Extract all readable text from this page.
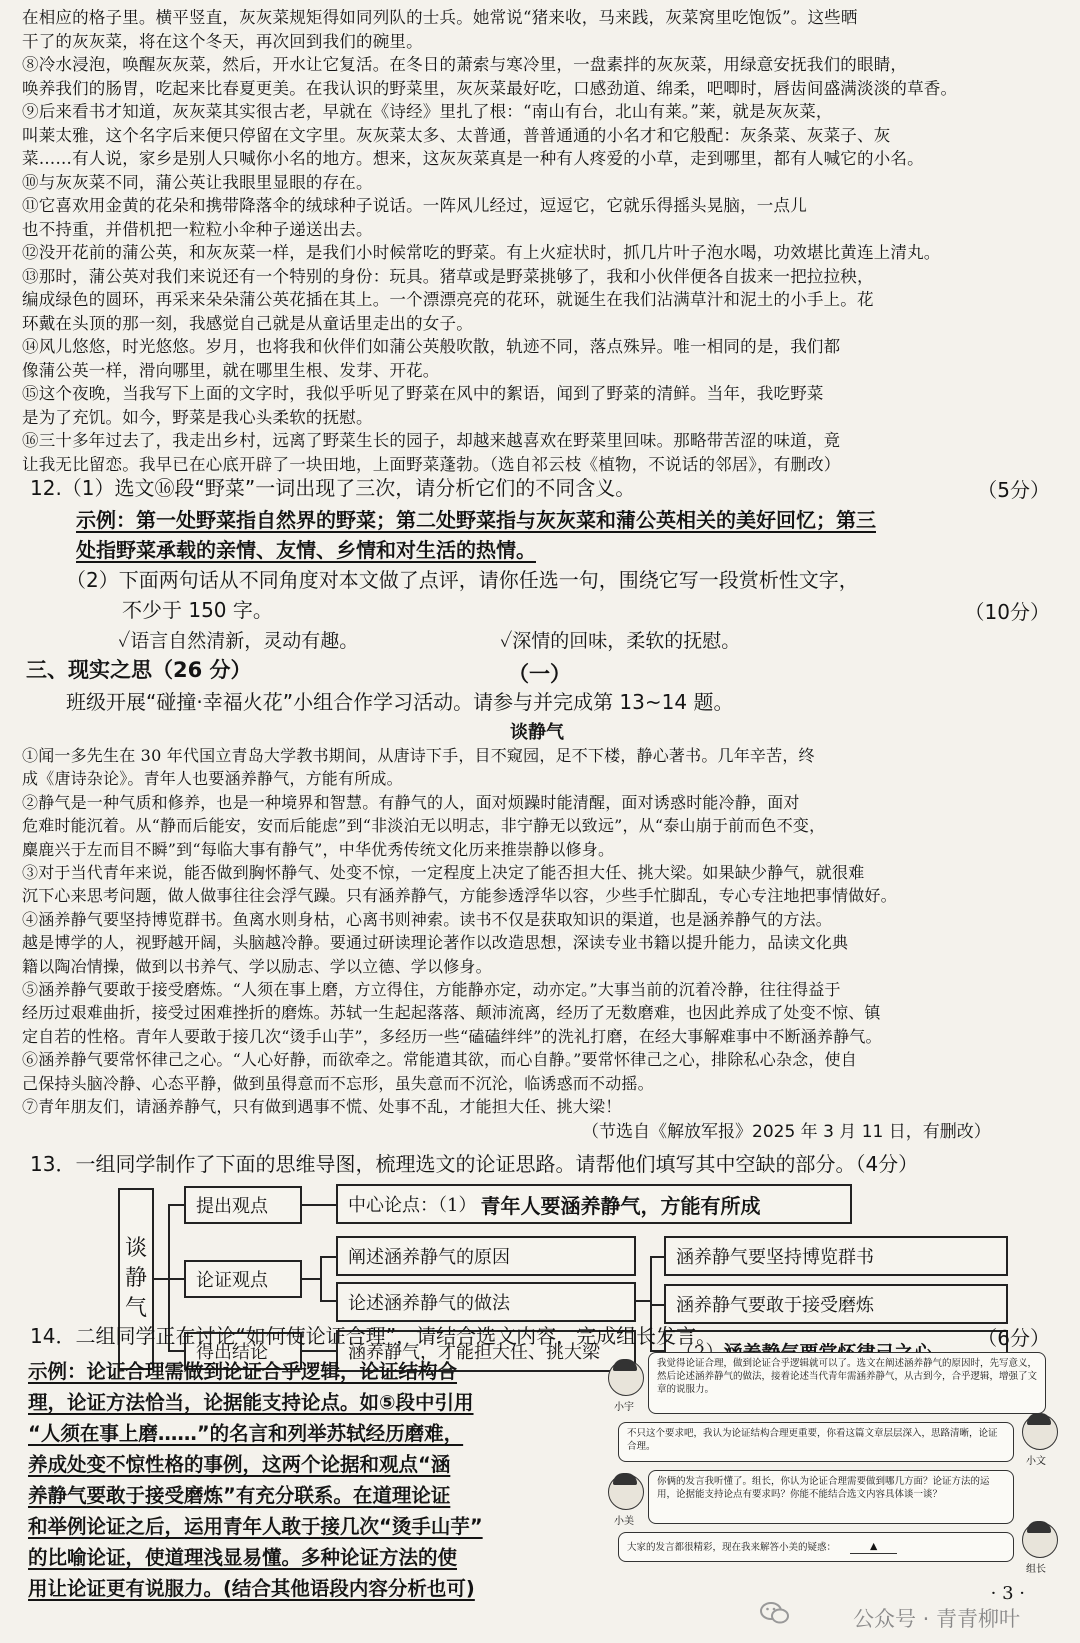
在相应的格子里。横平竖直，灰灰菜规矩得如同列队的士兵。她常说“猪来收，马来践，灰菜窝里吃饱饭”。这些晒
干了的灰灰菜，将在这个冬天，再次回到我们的碗里。
⑧冷水浸泡，唤醒灰灰菜，然后，开水让它复活。在冬日的萧索与寒冷里，一盘素拌的灰灰菜，用绿意安抚我们的眼睛，
唤养我们的肠胃，吃起来比春夏更美。在我认识的野菜里，灰灰菜最好吃，口感劲道、绵柔，吧唧时，唇齿间盛满淡淡的草香。
⑨后来看书才知道，灰灰菜其实很古老，早就在《诗经》里扎了根：“南山有台，北山有莱。”莱，就是灰灰菜，
叫莱太雅，这个名字后来便只停留在文字里。灰灰菜太多、太普通，普普通通的小名才和它般配：灰条菜、灰菜子、灰
菜……有人说，家乡是别人只喊你小名的地方。想来，这灰灰菜真是一种有人疼爱的小草，走到哪里，都有人喊它的小名。
⑩与灰灰菜不同，蒲公英让我眼里显眼的存在。
⑪它喜欢用金黄的花朵和携带降落伞的绒球种子说话。一阵风儿经过，逗逗它，它就乐得摇头晃脑，一点儿
也不持重，并借机把一粒粒小伞种子递送出去。
⑫没开花前的蒲公英，和灰灰菜一样，是我们小时候常吃的野菜。有上火症状时，抓几片叶子泡水喝，功效堪比黄连上清丸。
⑬那时，蒲公英对我们来说还有一个特别的身份：玩具。猪草或是野菜挑够了，我和小伙伴便各自拔来一把拉拉秧，
编成绿色的圆环，再采来朵朵蒲公英花插在其上。一个漂漂亮亮的花环，就诞生在我们沾满草汁和泥土的小手上。花
环戴在头顶的那一刻，我感觉自己就是从童话里走出的女子。
⑭风儿悠悠，时光悠悠。岁月，也将我和伙伴们如蒲公英般吹散，轨迹不同，落点殊异。唯一相同的是，我们都
像蒲公英一样，滑向哪里，就在哪里生根、发芽、开花。
⑮这个夜晚，当我写下上面的文字时，我似乎听见了野菜在风中的絮语，闻到了野菜的清鲜。当年，我吃野菜
是为了充饥。如今，野菜是我心头柔软的抚慰。
⑯三十多年过去了，我走出乡村，远离了野菜生长的园子，却越来越喜欢在野菜里回味。那略带苦涩的味道，竟
让我无比留恋。我早已在心底开辟了一块田地，上面野菜蓬勃。（选自祁云枝《植物，不说话的邻居》，有删改）
12.（1）选文⑯段“野菜”一词出现了三次，请分析它们的不同含义。	（5分）
示例：第一处野菜指自然界的野菜；第二处野菜指与灰灰菜和蒲公英相关的美好回忆；第三
处指野菜承载的亲情、友情、乡情和对生活的热情。
（2）下面两句话从不同角度对本文做了点评，请你任选一句，围绕它写一段赏析性文字，
不少于 150 字。	（10分）
✓语言自然清新，灵动有趣。	✓深情的回味，柔软的抚慰。
三、现实之思（26 分）	（一）
班级开展“碰撞·幸福火花”小组合作学习活动。请参与并完成第 13~14 题。
谈静气
①闻一多先生在 30 年代国立青岛大学教书期间，从唐诗下手，目不窥园，足不下楼，静心著书。几年辛苦，终
成《唐诗杂论》。青年人也要涵养静气，方能有所成。
②静气是一种气质和修养，也是一种境界和智慧。有静气的人，面对烦躁时能清醒，面对诱惑时能冷静，面对
危难时能沉着。从“静而后能安，安而后能虑”到“非淡泊无以明志，非宁静无以致远”，从“泰山崩于前而色不变，
麋鹿兴于左而目不瞬”到“每临大事有静气”，中华优秀传统文化历来推崇静以修身。
③对于当代青年来说，能否做到胸怀静气、处变不惊，一定程度上决定了能否担大任、挑大梁。如果缺少静气，就很难
沉下心来思考问题，做人做事往往会浮气躁。只有涵养静气，方能参透浮华以容，少些手忙脚乱，专心专注地把事情做好。
④涵养静气要坚持博览群书。鱼离水则身枯，心离书则神索。读书不仅是获取知识的渠道，也是涵养静气的方法。
越是博学的人，视野越开阔，头脑越冷静。要通过研读理论著作以改造思想，深读专业书籍以提升能力，品读文化典
籍以陶冶情操，做到以书养气、学以励志、学以立德、学以修身。
⑤涵养静气要敢于接受磨炼。“人须在事上磨，方立得住，方能静亦定，动亦定。”大事当前的沉着冷静，往往得益于
经历过艰难曲折，接受过困难挫折的磨炼。苏轼一生起起落落、颠沛流离，经历了无数磨难，也因此养成了处变不惊、镇
定自若的性格。青年人要敢于接几次“烫手山芋”，多经历一些“磕磕绊绊”的洗礼打磨，在经大事解难事中不断涵养静气。
⑥涵养静气要常怀律己之心。“人心好静，而欲牵之。常能遣其欲，而心自静。”要常怀律己之心，排除私心杂念，使自
己保持头脑冷静、心态平静，做到虽得意而不忘形，虽失意而不沉沦，临诱惑而不动摇。
⑦青年朋友们，请涵养静气，只有做到遇事不慌、处事不乱，才能担大任、挑大梁！
（节选自《解放军报》2025 年 3 月 11 日，有删改）
13．一组同学制作了下面的思维导图，梳理选文的论证思路。请帮他们填写其中空缺的部分。（4分）
谈
静
气
提出观点
论证观点
得出结论
中心论点：（1） 青年人要涵养静气，方能有所成
阐述涵养静气的原因
论述涵养静气的做法
涵养静气，才能担大任、挑大梁
涵养静气要坚持博览群书
涵养静气要敢于接受磨炼
14．二组同学正在讨论“如何使论证合理”，请结合选文内容，完成组长发言。	（6分）
示例：论证合理需做到论证合乎逻辑，论证结构合
理，论证方法恰当，论据能支持论点。如⑤段中引用
“人须在事上磨……”的名言和列举苏轼经历磨难，
养成处变不惊性格的事例，这两个论据和观点“涵
养静气要敢于接受磨炼”有充分联系。在道理论证
和举例论证之后，运用青年人敢于接几次“烫手山芋”
的比喻论证，使道理浅显易懂。多种论证方法的使
用让论证更有说服力。(结合其他语段内容分析也可)
小宇
我觉得论证合理，做到论证合乎逻辑就可以了。选文在阐述涵养静气的原因时，先写意义，然后论述涵养静气的做法，接着论述当代青年需涵养静气，从古到今，合乎逻辑，增强了文章的说服力。
不只这个要求吧，我认为论证结构合理更重要，你看这篇文章层层深入，思路清晰，论证合理。
小文
小美
你俩的发言我听懂了。组长，你认为论证合理需要做到哪几方面？论证方法的运用，论据能支持论点有要求吗？你能不能结合选文内容具体谈一谈？
大家的发言都很精彩，现在我来解答小美的疑惑：	▲
组长
· 3 ·
公众号 · 青青柳叶
